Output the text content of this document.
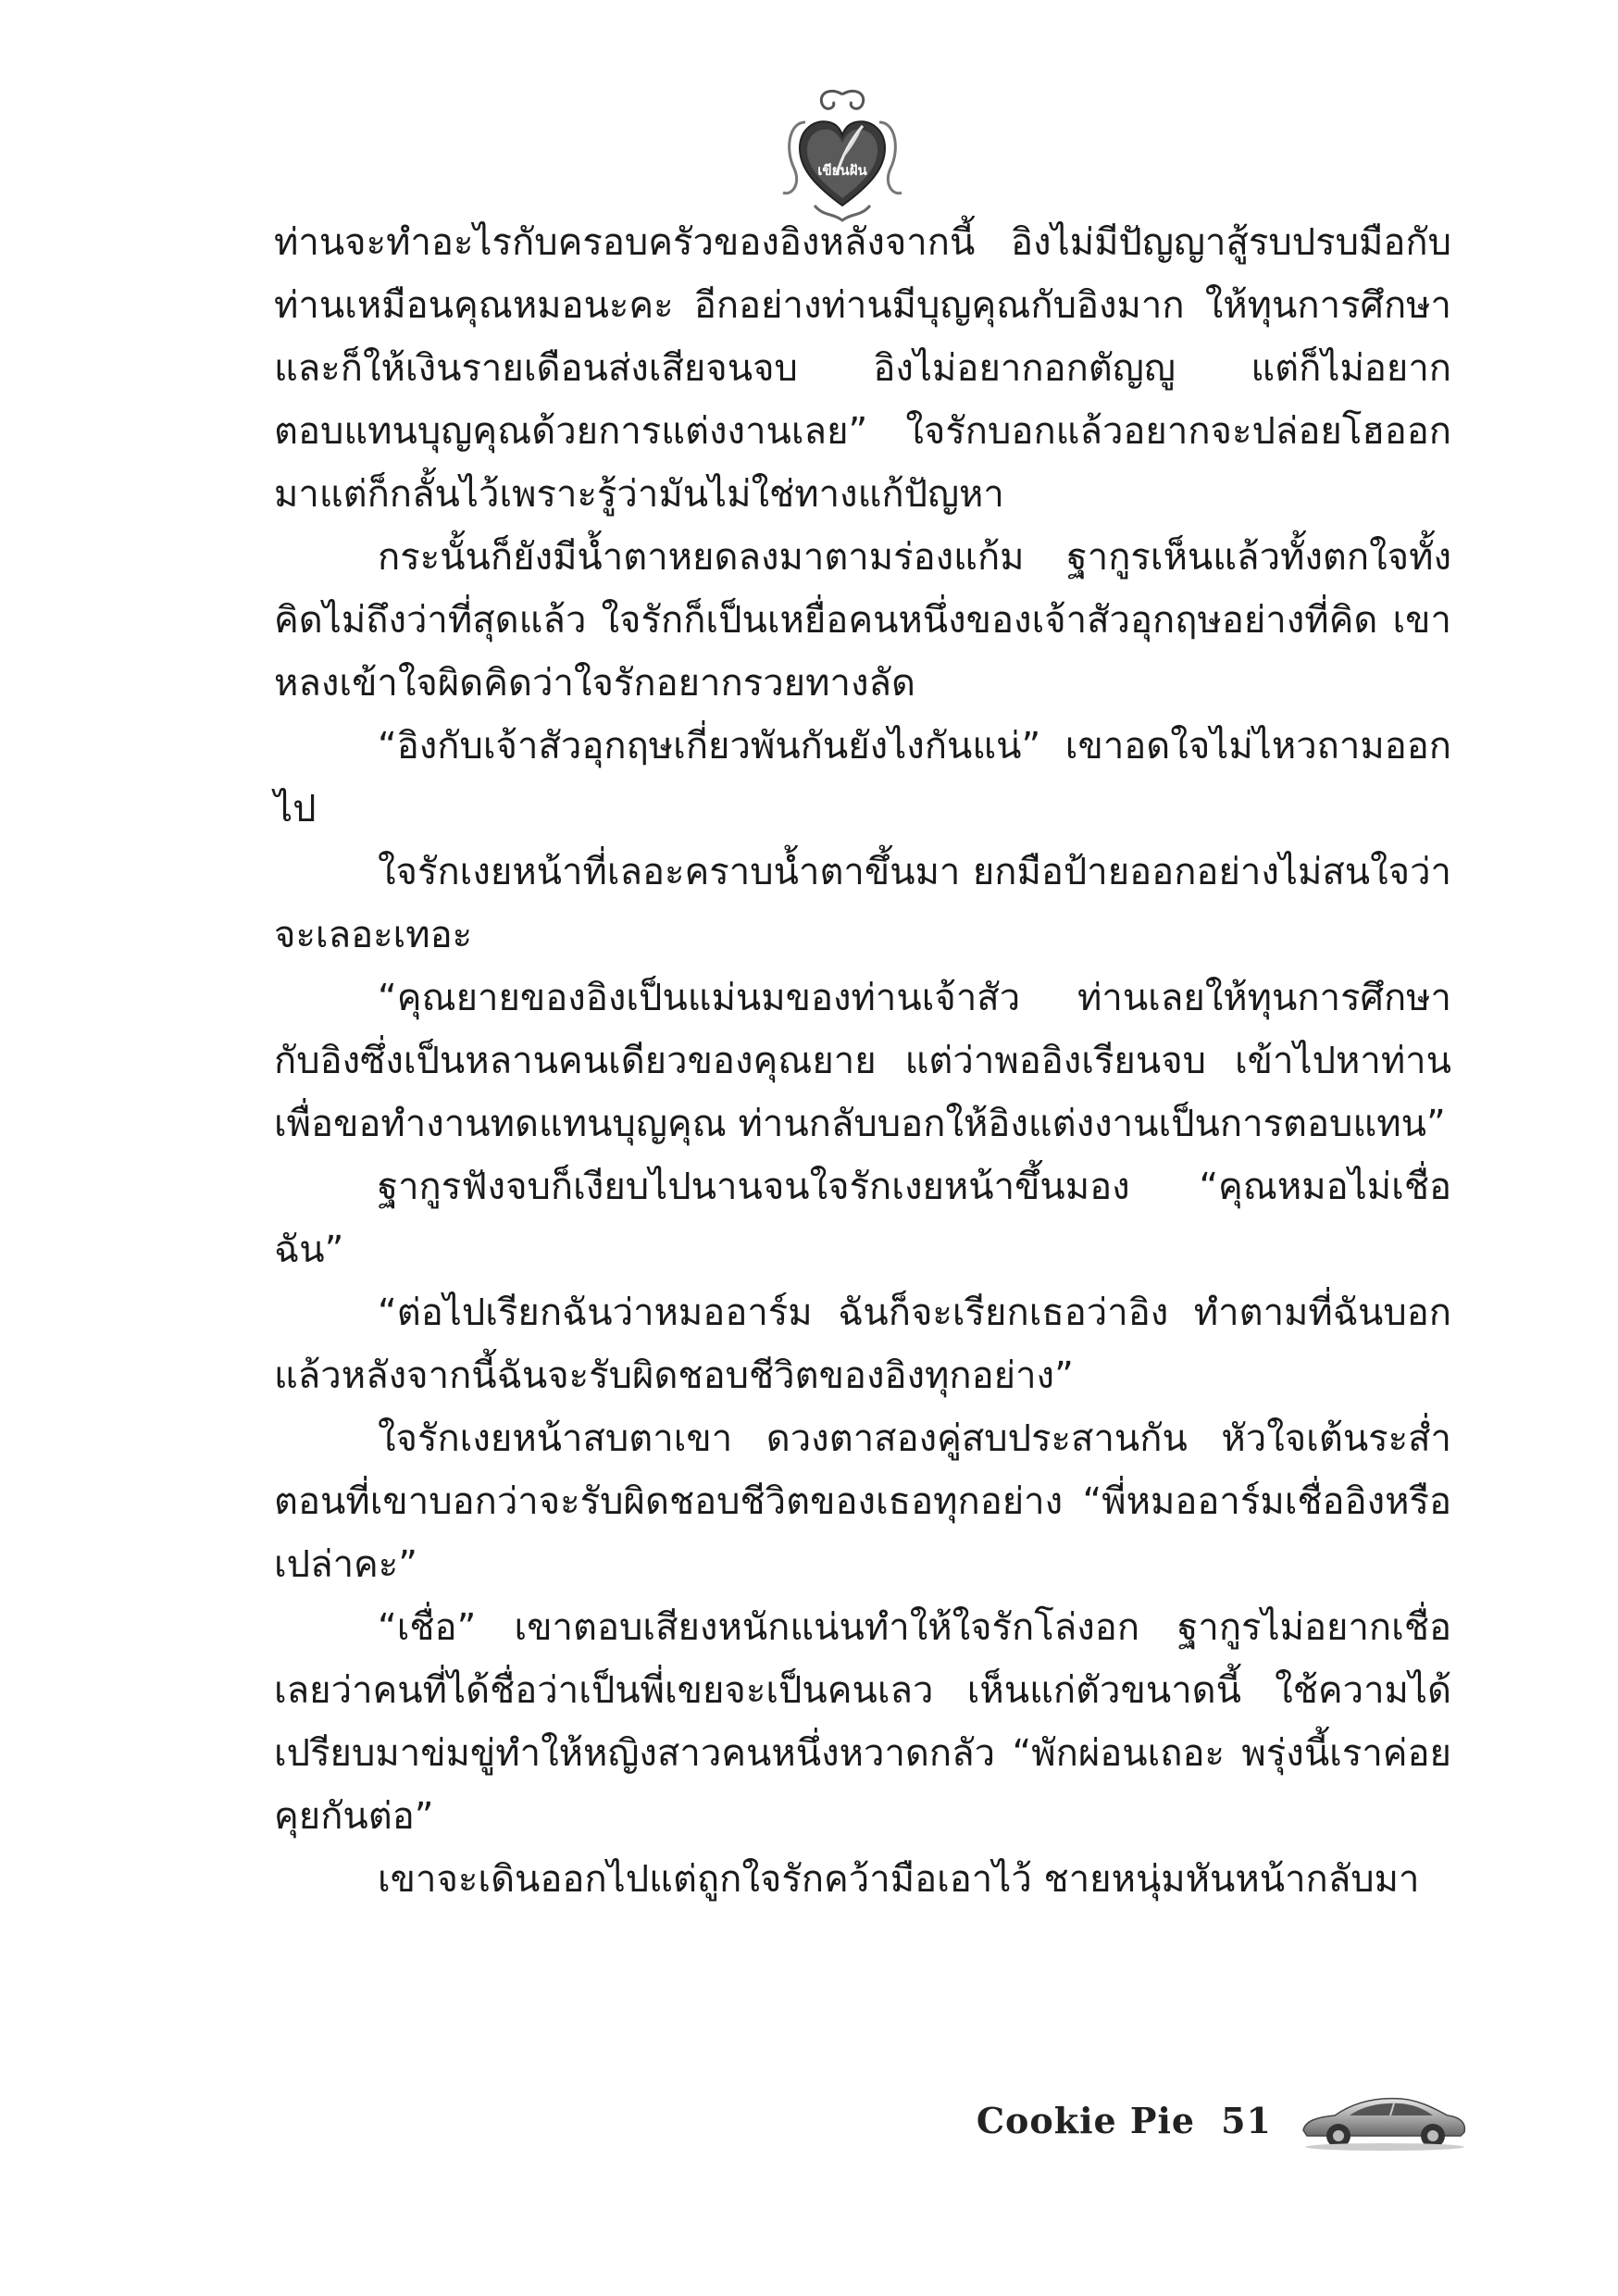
เขียนฝัน

ท่านจะทำอะไรกับครอบครัวของอิงหลังจากนี้ อิงไม่มีปัญญาสู้รบปรบมือกับท่านเหมือนคุณหมอนะคะ อีกอย่างท่านมีบุญคุณกับอิงมาก ให้ทุนการศึกษาและก็ให้เงินรายเดือนส่งเสียจนจบ อิงไม่อยากอกตัญญู แต่ก็ไม่อยากตอบแทนบุญคุณด้วยการแต่งงานเลย” ใจรักบอกแล้วอยากจะปล่อยโฮออกมาแต่ก็กลั้นไว้เพราะรู้ว่ามันไม่ใช่ทางแก้ปัญหา

กระนั้นก็ยังมีน้ำตาหยดลงมาตามร่องแก้ม ฐากูรเห็นแล้วทั้งตกใจทั้งคิดไม่ถึงว่าที่สุดแล้ว ใจรักก็เป็นเหยื่อคนหนึ่งของเจ้าสัวอุกฤษอย่างที่คิด เขาหลงเข้าใจผิดคิดว่าใจรักอยากรวยทางลัด

“อิงกับเจ้าสัวอุกฤษเกี่ยวพันกันยังไงกันแน่” เขาอดใจไม่ไหวถามออกไป

ใจรักเงยหน้าที่เลอะคราบน้ำตาขึ้นมา ยกมือป้ายออกอย่างไม่สนใจว่าจะเลอะเทอะ

“คุณยายของอิงเป็นแม่นมของท่านเจ้าสัว ท่านเลยให้ทุนการศึกษากับอิงซึ่งเป็นหลานคนเดียวของคุณยาย แต่ว่าพออิงเรียนจบ เข้าไปหาท่านเพื่อขอทำงานทดแทนบุญคุณ ท่านกลับบอกให้อิงแต่งงานเป็นการตอบแทน”

ฐากูรฟังจบก็เงียบไปนานจนใจรักเงยหน้าขึ้นมอง “คุณหมอไม่เชื่อฉัน”

“ต่อไปเรียกฉันว่าหมออาร์ม ฉันก็จะเรียกเธอว่าอิง ทำตามที่ฉันบอกแล้วหลังจากนี้ฉันจะรับผิดชอบชีวิตของอิงทุกอย่าง”

ใจรักเงยหน้าสบตาเขา ดวงตาสองคู่สบประสานกัน หัวใจเต้นระส่ำตอนที่เขาบอกว่าจะรับผิดชอบชีวิตของเธอทุกอย่าง “พี่หมออาร์มเชื่ออิงหรือเปล่าคะ”

“เชื่อ” เขาตอบเสียงหนักแน่นทำให้ใจรักโล่งอก ฐากูรไม่อยากเชื่อเลยว่าคนที่ได้ชื่อว่าเป็นพี่เขยจะเป็นคนเลว เห็นแก่ตัวขนาดนี้ ใช้ความได้เปรียบมาข่มขู่ทำให้หญิงสาวคนหนึ่งหวาดกลัว “พักผ่อนเถอะ พรุ่งนี้เราค่อยคุยกันต่อ”

เขาจะเดินออกไปแต่ถูกใจรักคว้ามือเอาไว้ ชายหนุ่มหันหน้ากลับมา

Cookie Pie 51
